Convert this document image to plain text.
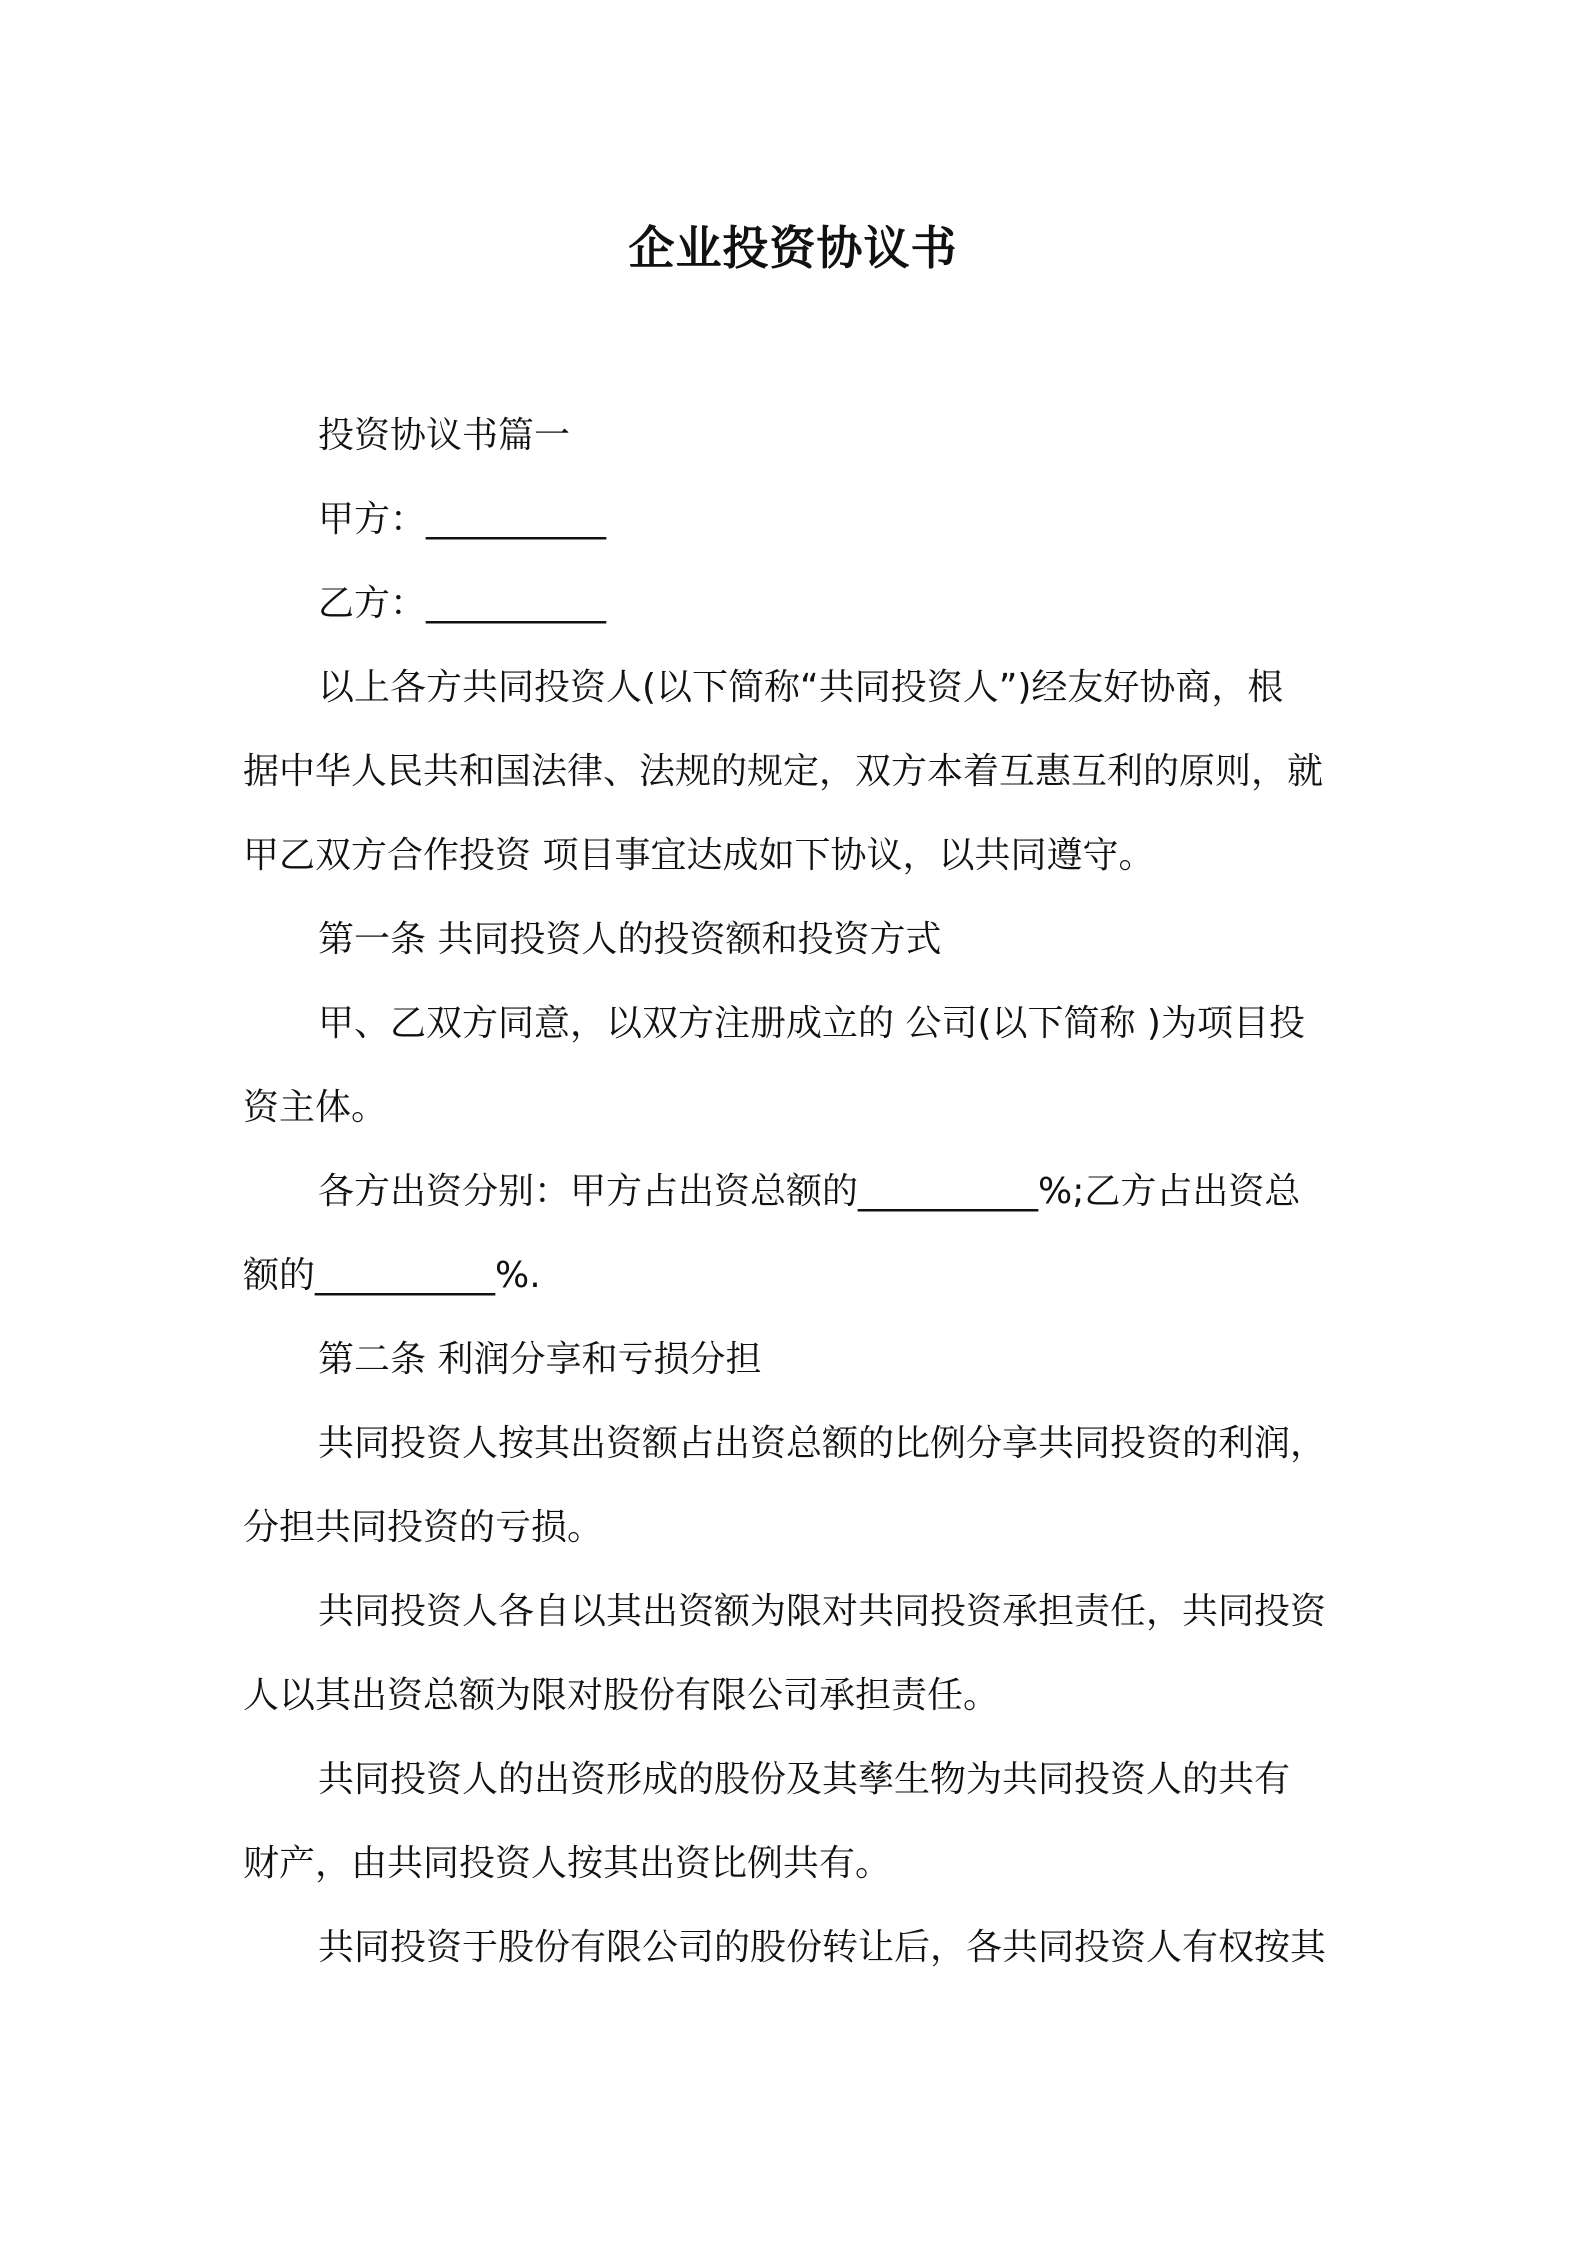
企业投资协议书
投资协议书篇一
甲方：__________
乙方：__________
以上各方共同投资人(以下简称“共同投资人”)经友好协商，根
据中华人民共和国法律、法规的规定，双方本着互惠互利的原则，就
甲乙双方合作投资 项目事宜达成如下协议，以共同遵守。
第一条 共同投资人的投资额和投资方式
甲、乙双方同意，以双方注册成立的 公司(以下简称 )为项目投
资主体。
各方出资分别：甲方占出资总额的__________%;乙方占出资总
额的__________%.
第二条 利润分享和亏损分担
共同投资人按其出资额占出资总额的比例分享共同投资的利润，
分担共同投资的亏损。
共同投资人各自以其出资额为限对共同投资承担责任，共同投资
人以其出资总额为限对股份有限公司承担责任。
共同投资人的出资形成的股份及其孳生物为共同投资人的共有
财产，由共同投资人按其出资比例共有。
共同投资于股份有限公司的股份转让后，各共同投资人有权按其
